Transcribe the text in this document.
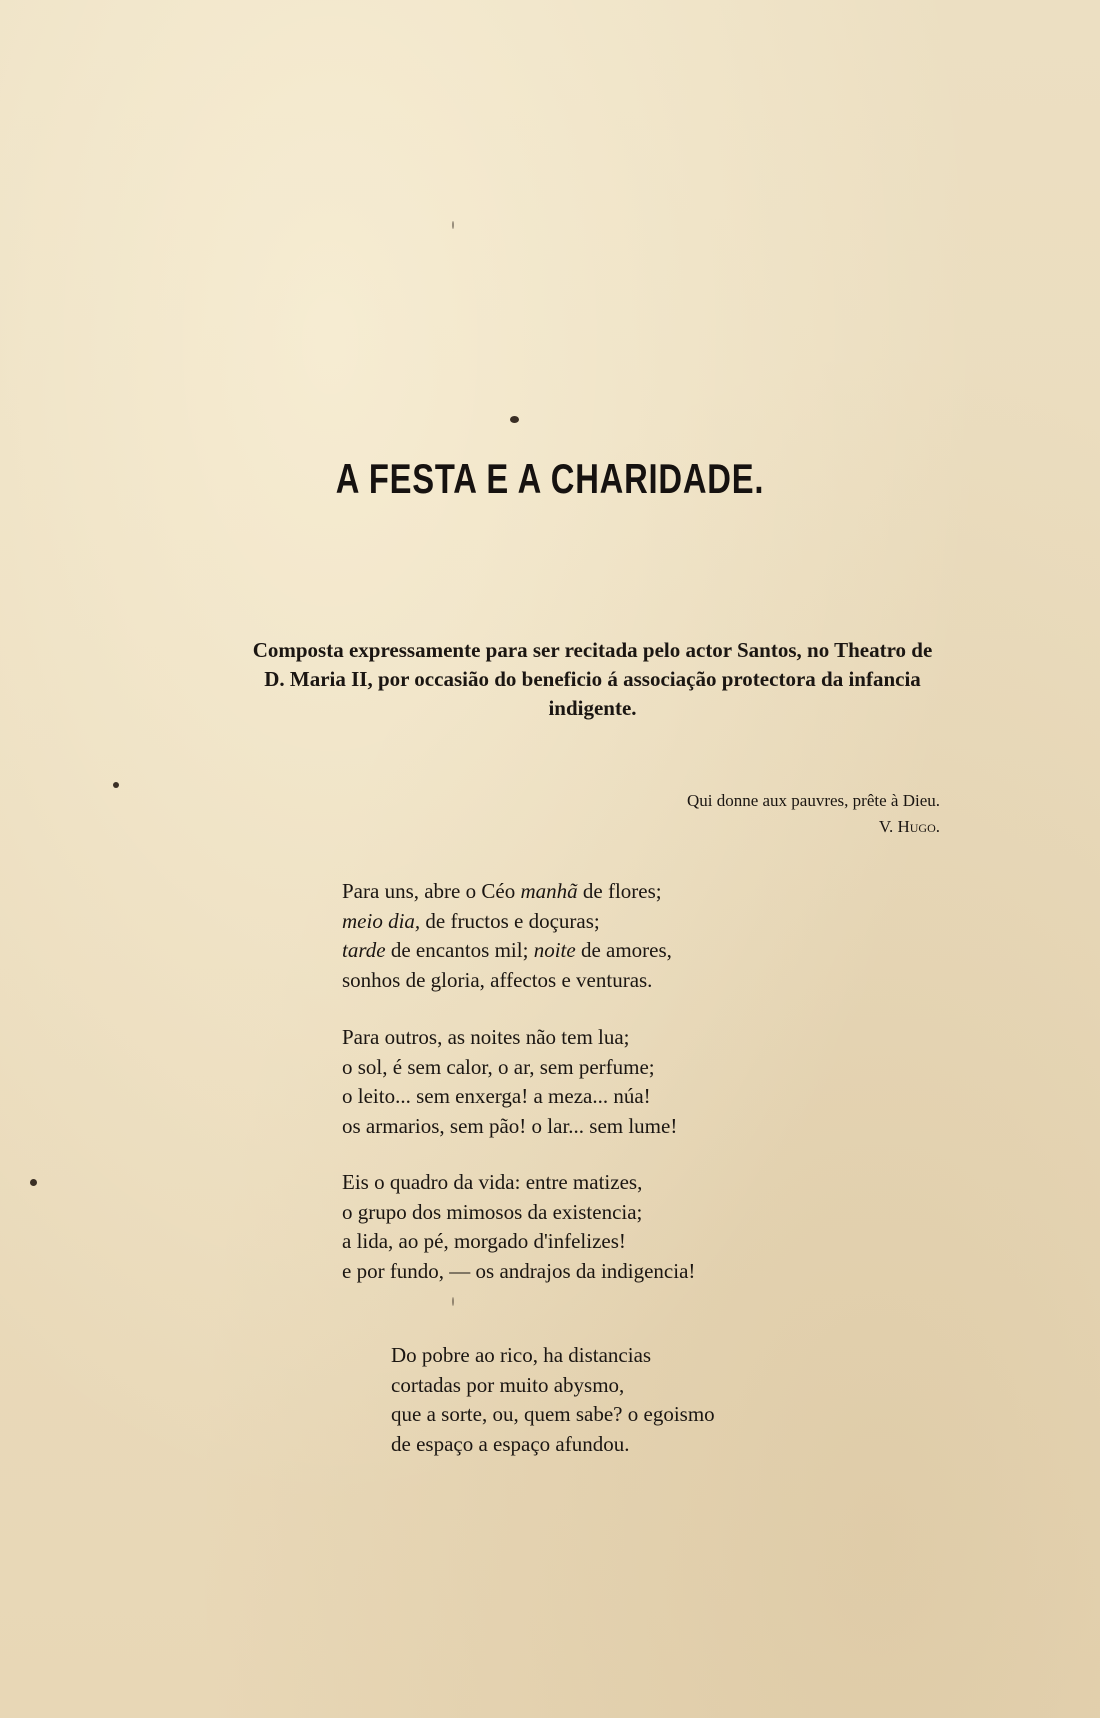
A FESTA E A CHARIDADE.
Composta expressamente para ser recitada pelo actor Santos, no Theatro de D. Maria II, por occasião do beneficio á associação protectora da infancia indigente.
Qui donne aux pauvres, prête à Dieu.
V. Hugo.
Para uns, abre o Céo manhã de flores;
meio dia, de fructos e doçuras;
tarde de encantos mil; noite de amores,
sonhos de gloria, affectos e venturas.
Para outros, as noites não tem lua;
o sol, é sem calor, o ar, sem perfume;
o leito... sem enxerga! a meza... núa!
os armarios, sem pão! o lar... sem lume!
Eis o quadro da vida: entre matizes,
o grupo dos mimosos da existencia;
a lida, ao pé, morgado d'infelizes!
e por fundo, — os andrajos da indigencia!
Do pobre ao rico, ha distancias
cortadas por muito abysmo,
que a sorte, ou, quem sabe? o egoismo
de espaço a espaço afundou.
